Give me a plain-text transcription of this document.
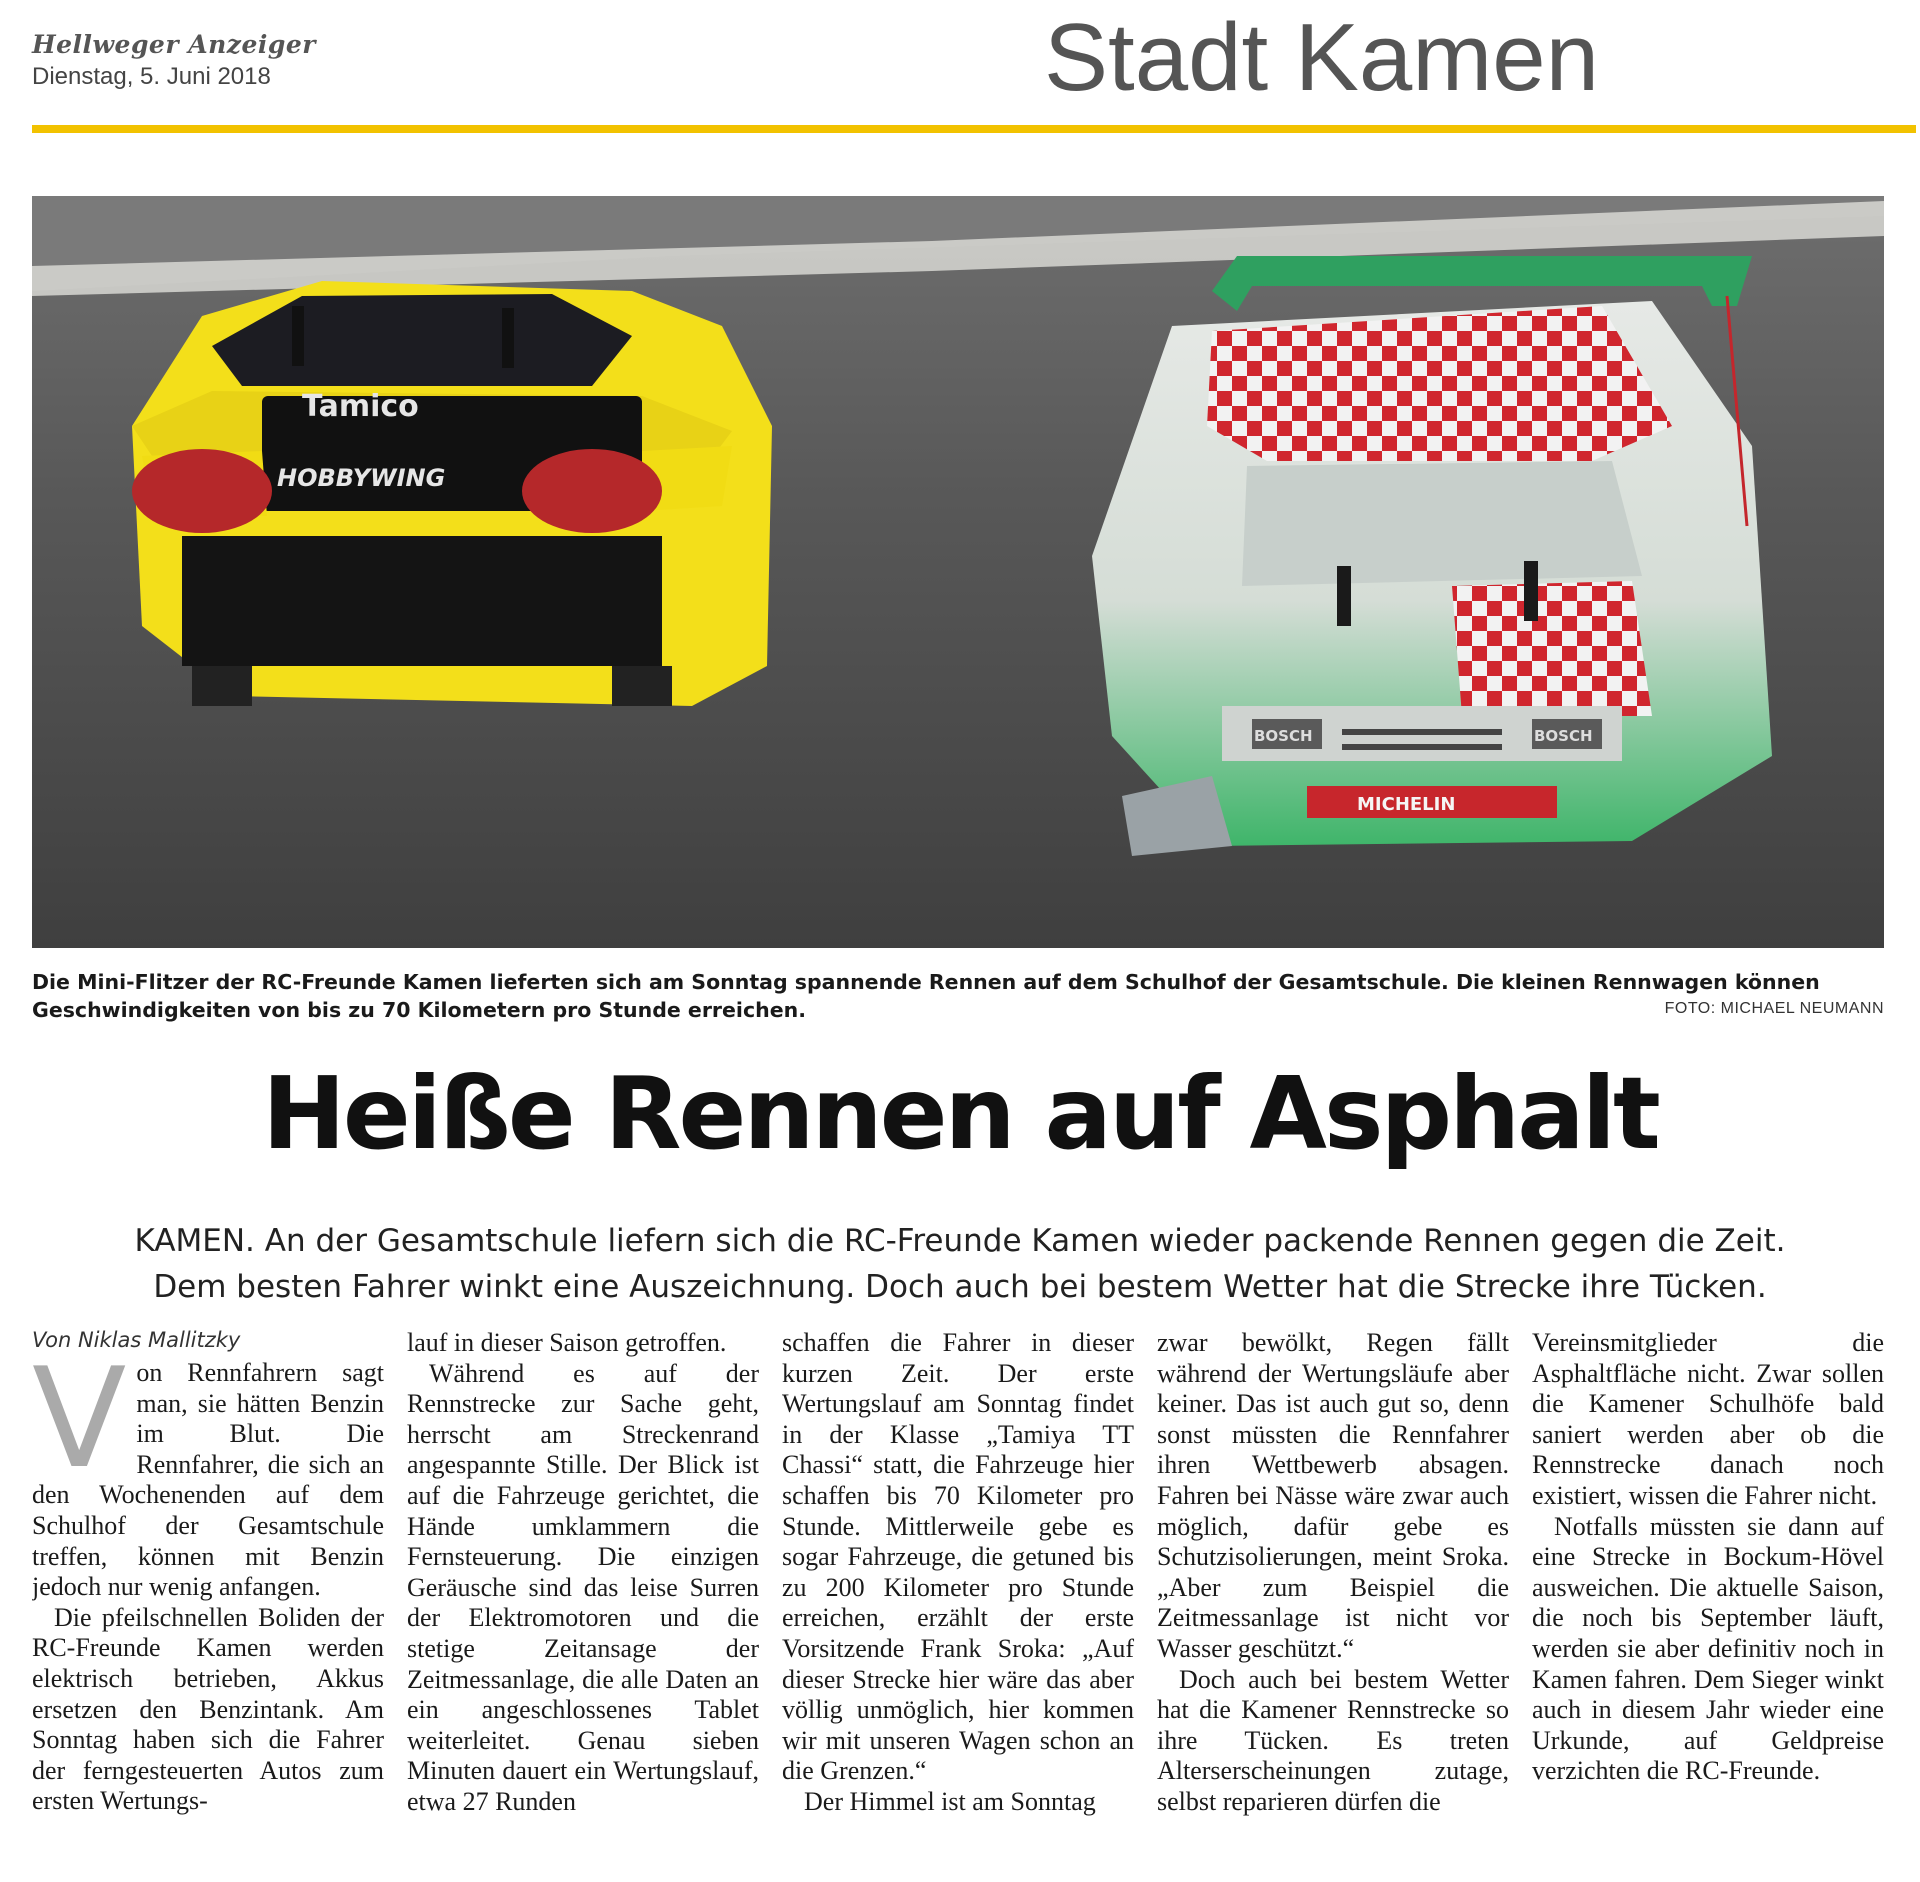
Hellweger Anzeiger
Dienstag, 5. Juni 2018	Stadt Kamen
Tamico
HOBBYWING
BOSCH	BOSCH
MICHELIN
Die Mini-Flitzer der RC-Freunde Kamen lieferten sich am Sonntag spannende Rennen auf dem Schulhof der Gesamtschule. Die kleinen Rennwagen können Geschwindigkeiten von bis zu 70 Kilometern pro Stunde erreichen.	FOTO: MICHAEL NEUMANN
Heiße Rennen auf Asphalt

KAMEN. An der Gesamtschule liefern sich die RC-Freunde Kamen wieder packende Rennen gegen die Zeit.

Dem besten Fahrer winkt eine Auszeichnung. Doch auch bei bestem Wetter hat die Strecke ihre Tücken.

Von Niklas Mallitzky
V on Rennfahrern sagt man, sie hätten Benzin im Blut. Die Rennfahrer, die sich an den Wochenenden auf dem Schulhof der Gesamtschule treffen, können mit Benzin jedoch nur wenig anfangen.

Die pfeilschnellen Boliden der RC-Freunde Kamen werden elektrisch betrieben, Akkus ersetzen den Benzintank. Am Sonntag haben sich die Fahrer der ferngesteuerten Autos zum ersten Wertungs-

lauf in dieser Saison getroffen.

Während es auf der Rennstrecke zur Sache geht, herrscht am Streckenrand angespannte Stille. Der Blick ist auf die Fahrzeuge gerichtet, die Hände umklammern die Fernsteuerung. Die einzigen Geräusche sind das leise Surren der Elektromotoren und die stetige Zeitansage der Zeitmessanlage, die alle Daten an ein angeschlossenes Tablet weiterleitet. Genau sieben Minuten dauert ein Wertungslauf, etwa 27 Runden

schaffen die Fahrer in dieser kurzen Zeit. Der erste Wertungslauf am Sonntag findet in der Klasse „Tamiya TT Chassi“ statt, die Fahrzeuge hier schaffen bis 70 Kilometer pro Stunde. Mittlerweile gebe es sogar Fahrzeuge, die getuned bis zu 200 Kilometer pro Stunde erreichen, erzählt der erste Vorsitzende Frank Sroka: „Auf dieser Strecke hier wäre das aber völlig unmöglich, hier kommen wir mit unseren Wagen schon an die Grenzen.“

Der Himmel ist am Sonntag

zwar bewölkt, Regen fällt während der Wertungsläufe aber keiner. Das ist auch gut so, denn sonst müssten die Rennfahrer ihren Wettbewerb absagen. Fahren bei Nässe wäre zwar auch möglich, dafür gebe es Schutzisolierungen, meint Sroka. „Aber zum Beispiel die Zeitmessanlage ist nicht vor Wasser geschützt.“

Doch auch bei bestem Wetter hat die Kamener Rennstrecke so ihre Tücken. Es treten Alterserscheinungen zutage, selbst reparieren dürfen die

Vereinsmitglieder die Asphaltfläche nicht. Zwar sollen die Kamener Schulhöfe bald saniert werden aber ob die Rennstrecke danach noch existiert, wissen die Fahrer nicht.

Notfalls müssten sie dann auf eine Strecke in Bockum-Hövel ausweichen. Die aktuelle Saison, die noch bis September läuft, werden sie aber definitiv noch in Kamen fahren. Dem Sieger winkt auch in diesem Jahr wieder eine Urkunde, auf Geldpreise verzichten die RC-Freunde.
